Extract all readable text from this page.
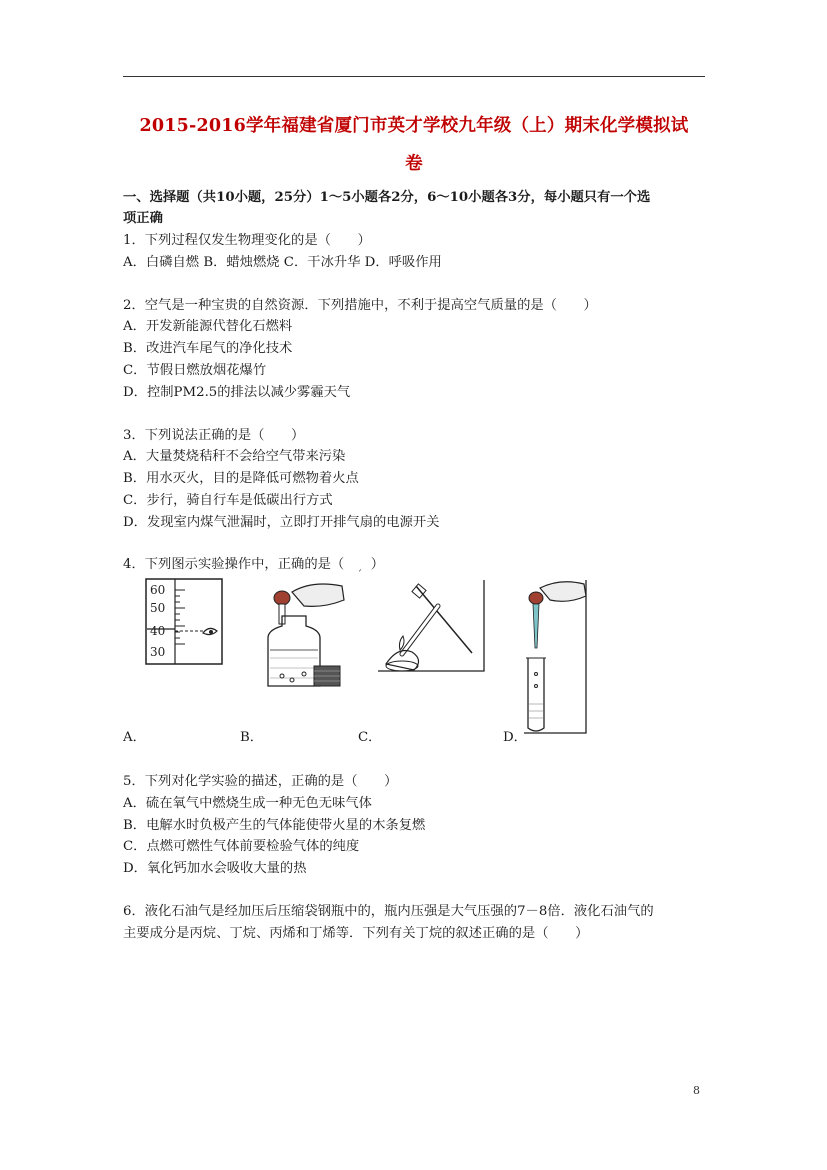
2015-2016学年福建省厦门市英才学校九年级（上）期末化学模拟试
卷
一、选择题（共10小题，25分）1～5小题各2分，6～10小题各3分，每小题只有一个选
项正确
1．下列过程仅发生物理变化的是（　　）
A．白磷自燃 B．蜡烛燃烧 C．干冰升华 D．呼吸作用
2．空气是一种宝贵的自然资源．下列措施中，不利于提高空气质量的是（　　）
A．开发新能源代替化石燃料
B．改进汽车尾气的净化技术
C．节假日燃放烟花爆竹
D．控制PM2.5的排法以减少雾霾天气
3．下列说法正确的是（　　）
A．大量焚烧秸秆不会给空气带来污染
B．用水灭火，目的是降低可燃物着火点
C．步行，骑自行车是低碳出行方式
D．发现室内煤气泄漏时，立即打开排气扇的电源开关
4．下列图示实验操作中，正确的是（　　）
60
50
40
30
ˊ
A．	B．	C．	D．
5．下列对化学实验的描述，正确的是（　　）
A．硫在氧气中燃烧生成一种无色无味气体
B．电解水时负极产生的气体能使带火星的木条复燃
C．点燃可燃性气体前要检验气体的纯度
D．氧化钙加水会吸收大量的热
6．液化石油气是经加压后压缩袋钢瓶中的，瓶内压强是大气压强的7－8倍．液化石油气的
主要成分是丙烷、丁烷、丙烯和丁烯等．下列有关丁烷的叙述正确的是（　　）
8
